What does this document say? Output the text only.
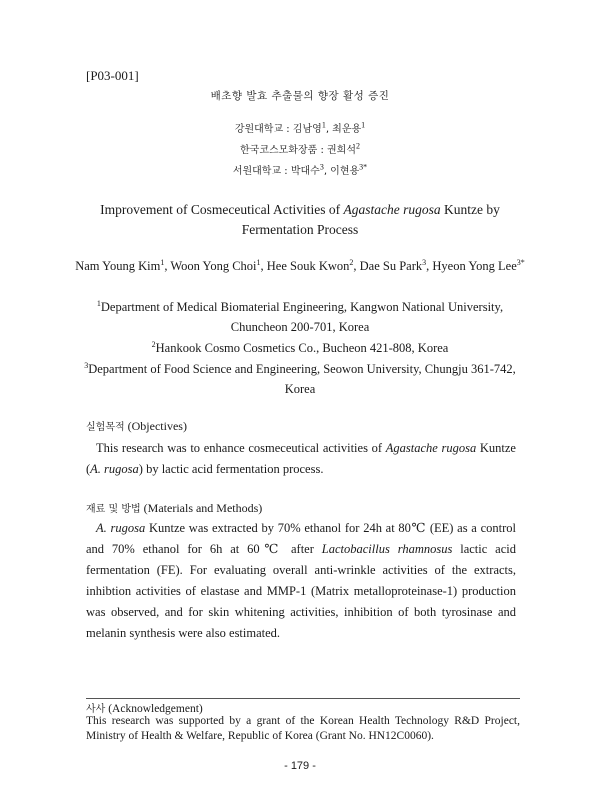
[P03-001]
배초향 발효 추출물의 향장 활성 증진
강원대학교 : 김남영$^1$, 최운용$^1$
한국코스모화장품 : 권희석$^2$
서원대학교 : 박대수$^3$, 이현용$^{3*}$
Improvement of Cosmeceutical Activities of Agastache rugosa Kuntze by
Fermentation Process
Nam Young Kim$^1$, Woon Yong Choi$^1$, Hee Souk Kwon$^2$, Dae Su Park$^3$, Hyeon Yong Lee$^{3*}$
$^1$Department of Medical Biomaterial Engineering, Kangwon National University,
Chuncheon 200-701, Korea
$^2$Hankook Cosmo Cosmetics Co., Bucheon 421-808, Korea
$^3$Department of Food Science and Engineering, Seowon University, Chungju 361-742,
Korea
실험목적 (Objectives)

This research was to enhance cosmeceutical activities of Agastache rugosa Kuntze (A. rugosa) by lactic acid fermentation process.

재료 및 방법 (Materials and Methods)

A. rugosa Kuntze was extracted by 70% ethanol for 24h at 80℃ (EE) as a control and 70% ethanol for 6h at 60℃ after Lactobacillus rhamnosus lactic acid fermentation (FE). For evaluating overall anti-wrinkle activities of the extracts, inhibtion activities of elastase and MMP-1 (Matrix metalloproteinase-1) production was observed, and for skin whitening activities, inhibition of both tyrosinase and melanin synthesis were also estimated.

사사 (Acknowledgement)
This research was supported by a grant of the Korean Health Technology R&D Project, Ministry of Health & Welfare, Republic of Korea (Grant No. HN12C0060).
- 179 -
